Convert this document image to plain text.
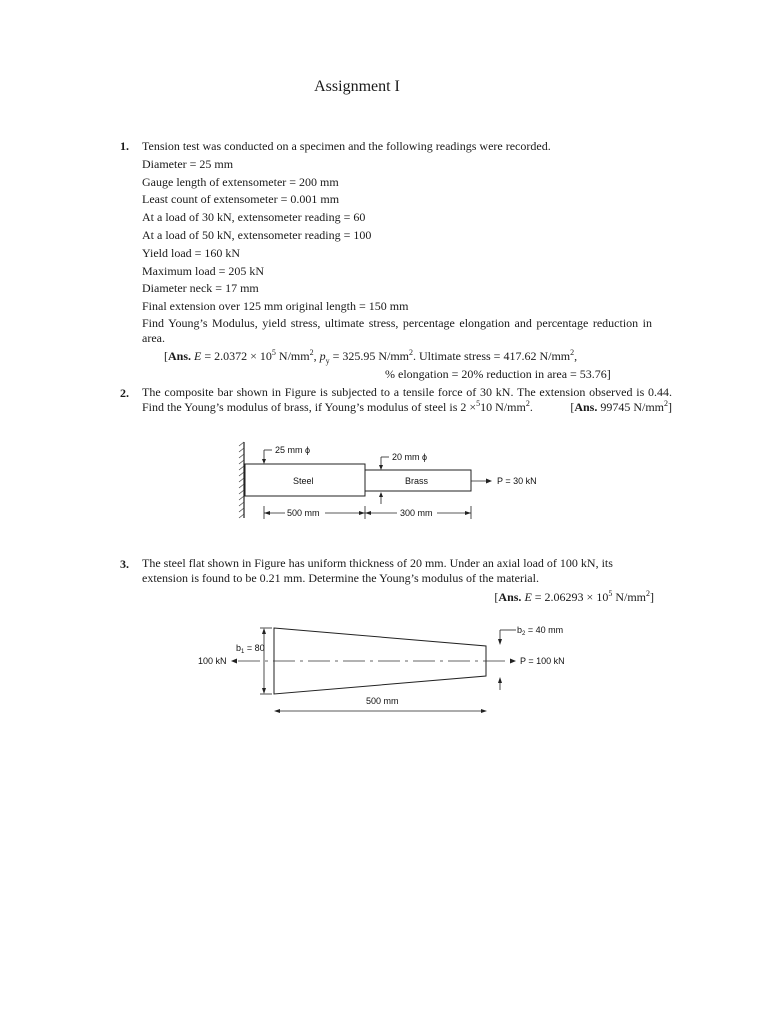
Assignment I
1. Tension test was conducted on a specimen and the following readings were recorded.
Diameter = 25 mm
Gauge length of extensometer = 200 mm
Least count of extensometer = 0.001 mm
At a load of 30 kN, extensometer reading = 60
At a load of 50 kN, extensometer reading = 100
Yield load = 160 kN
Maximum load = 205 kN
Diameter neck = 17 mm
Final extension over 125 mm original length = 150 mm
Find Young’s Modulus, yield stress, ultimate stress, percentage elongation and percentage reduction in area.
[Ans. $E = 2.0372 \times 10^5$ $N/mm^2$, $p_y = 325.95$ $N/mm^2$. Ultimate stress = 417.62 $N/mm^2$,
% elongation = 20% reduction in area = 53.76]
2. The composite bar shown in Figure is subjected to a tensile force of 30 kN. The extension observed is 0.44. Find the Young’s modulus of brass, if Young’s modulus of steel is 2 ×$^5$10 $N/mm^2$.	[Ans. 99745 $N/mm^2$]
Steel	Brass
25 mm ϕ
20 mm ϕ
P = 30 kN
500 mm	300 mm
3. The steel flat shown in Figure has uniform thickness of 20 mm. Under an axial load of 100 kN, its extension is found to be 0.21 mm. Determine the Young’s modulus of the material.
[Ans. $E = 2.06293 \times 10^5$ $N/mm^2$]
100 kN	P = 100 kN
$b_1 = 80$
$b_2 = 40$ mm
500 mm
